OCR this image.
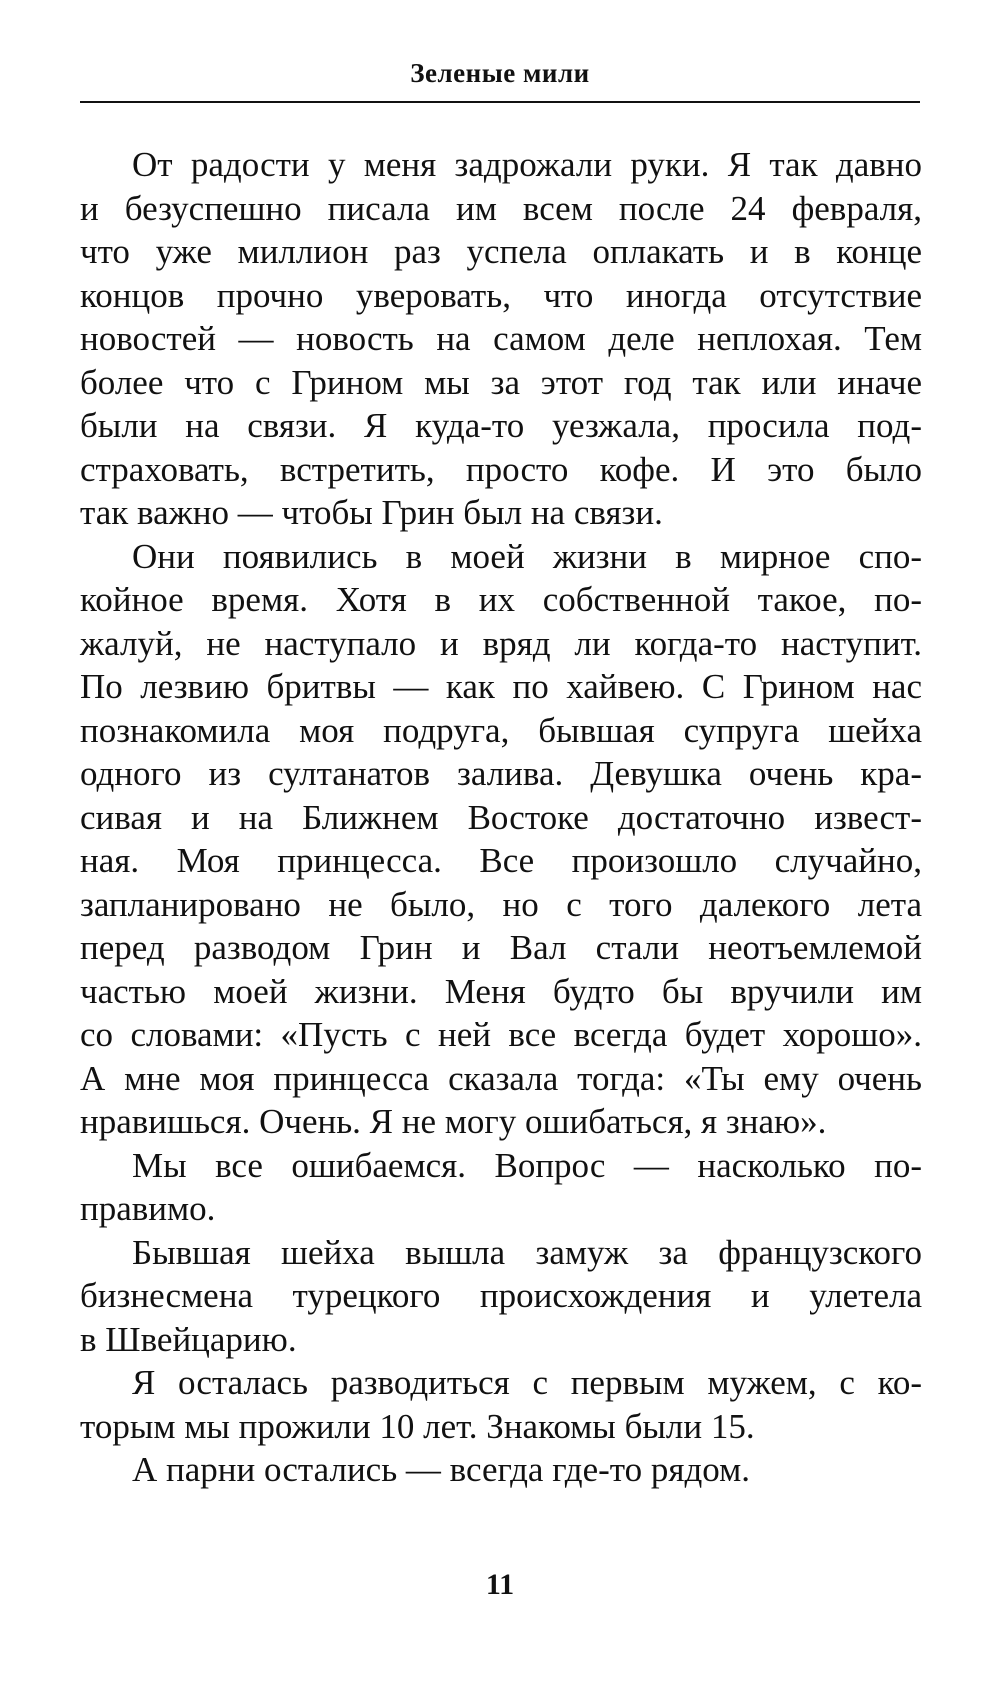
Зеленые мили
От радости у меня задрожали руки. Я так давно
и безуспешно писала им всем после 24 февраля,
что уже миллион раз успела оплакать и в конце
концов прочно уверовать, что иногда отсутствие
новостей — новость на самом деле неплохая. Тем
более что с Грином мы за этот год так или иначе
были на связи. Я куда-то уезжала, просила под-
страховать, встретить, просто кофе. И это было
так важно — чтобы Грин был на связи.
Они появились в моей жизни в мирное спо-
койное время. Хотя в их собственной такое, по-
жалуй, не наступало и вряд ли когда-то наступит.
По лезвию бритвы — как по хайвею. С Грином нас
познакомила моя подруга, бывшая супруга шейха
одного из султанатов залива. Девушка очень кра-
сивая и на Ближнем Востоке достаточно извест-
ная. Моя принцесса. Все произошло случайно,
запланировано не было, но с того далекого лета
перед разводом Грин и Вал стали неотъемлемой
частью моей жизни. Меня будто бы вручили им
со словами: «Пусть с ней все всегда будет хорошо».
А мне моя принцесса сказала тогда: «Ты ему очень
нравишься. Очень. Я не могу ошибаться, я знаю».
Мы все ошибаемся. Вопрос — насколько по-
правимо.
Бывшая шейха вышла замуж за французского
бизнесмена турецкого происхождения и улетела
в Швейцарию.
Я осталась разводиться с первым мужем, с ко-
торым мы прожили 10 лет. Знакомы были 15.
А парни остались — всегда где-то рядом.
11
